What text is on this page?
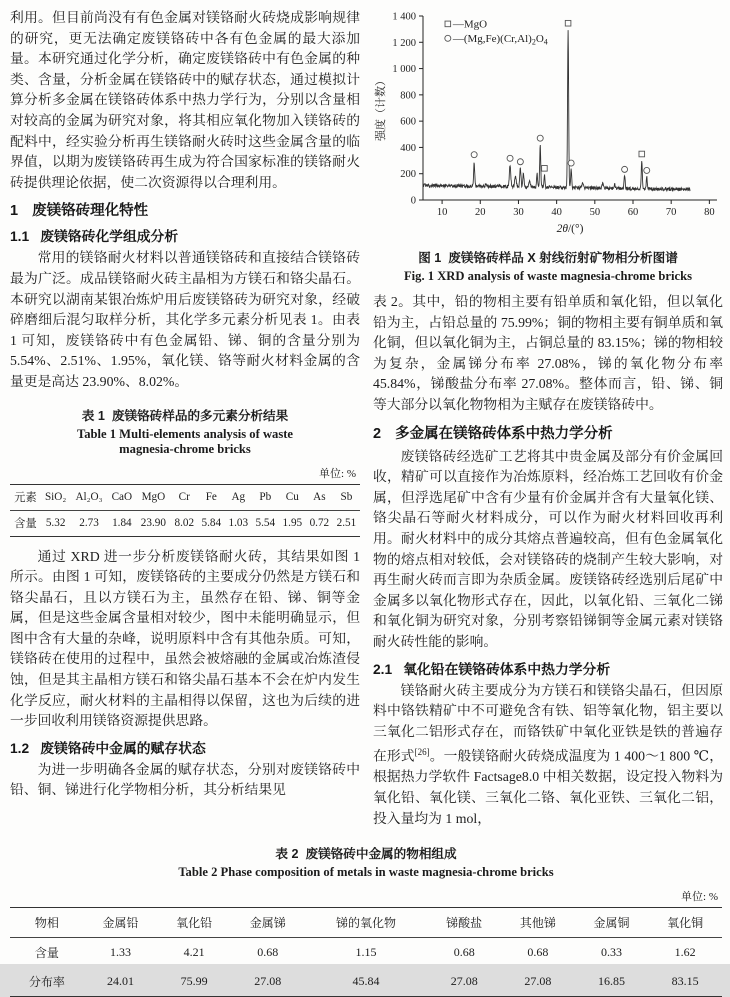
利用。但目前尚没有有色金属对镁铬耐火砖烧成影响规律的研究，更无法确定废镁铬砖中各有色金属的最大添加量。本研究通过化学分析，确定废镁铬砖中有色金属的种类、含量，分析金属在镁铬砖中的赋存状态，通过模拟计算分析多金属在镁铬砖体系中热力学行为，分别以含量相对较高的金属为研究对象，将其相应氧化物加入镁铬砖的配料中，经实验分析再生镁铬耐火砖时这些金属含量的临界值，以期为废镁铬砖再生成为符合国家标准的镁铬耐火砖提供理论依据，使二次资源得以合理利用。

1 废镁铬砖理化特性
1.1 废镁铬砖化学组成分析

常用的镁铬耐火材料以普通镁铬砖和直接结合镁铬砖最为广泛。成品镁铬耐火砖主晶相为方镁石和铬尖晶石。本研究以湖南某银冶炼炉用后废镁铬砖为研究对象，经破碎磨细后混匀取样分析，其化学多元素分析见表 1。由表 1 可知，废镁铬砖中有色金属铅、锑、铜的含量分别为 5.54%、2.51%、1.95%，氧化镁、铬等耐火材料金属的含量更是高达 23.90%、8.02%。

表 1 废镁铬砖样品的多元素分析结果
Table 1 Multi-elements analysis of waste magnesia-chrome bricks
单位: %
元素	SiO₂	Al₂O₃	CaO	MgO	Cr	Fe	Ag	Pb	Cu	As	Sb
含量	5.32	2.73	1.84	23.90	8.02	5.84	1.03	5.54	1.95	0.72	2.51

通过 XRD 进一步分析废镁铬耐火砖，其结果如图 1 所示。由图 1 可知，废镁铬砖的主要成分仍然是方镁石和铬尖晶石，且以方镁石为主，虽然存在铅、锑、铜等金属，但是这些金属含量相对较少，图中未能明确显示，但图中含有大量的杂峰，说明原料中含有其他杂质。可知，镁铬砖在使用的过程中，虽然会被熔融的金属或冶炼渣侵蚀，但是其主晶相方镁石和铬尖晶石基本不会在炉内发生化学反应，耐火材料的主晶相得以保留，这也为后续的进一步回收利用镁铬资源提供思路。

1.2 废镁铬砖中金属的赋存状态

为进一步明确各金属的赋存状态，分别对废镁铬砖中铅、铜、锑进行化学物相分析，其分析结果见

0
200
400
600
800
1 000
1 200
1 400
10	20	30	40	50	60	70	80
强度（计数）
2θ/(°)
—MgO
$—(Mg,Fe)(Cr,Al)_2O_4$
图 1 废镁铬砖样品 X 射线衍射矿物相分析图谱
Fig. 1 XRD analysis of waste magnesia-chrome bricks

表 2。其中，铅的物相主要有铅单质和氧化铅，但以氧化铅为主，占铅总量的 75.99%；铜的物相主要有铜单质和氧化铜，但以氧化铜为主，占铜总量的 83.15%；锑的物相较为复杂，金属锑分布率 27.08%，锑的氧化物分布率 45.84%，锑酸盐分布率 27.08%。整体而言，铅、锑、铜等大部分以氧化物物相为主赋存在废镁铬砖中。

2 多金属在镁铬砖体系中热力学分析

废镁铬砖经选矿工艺将其中贵金属及部分有价金属回收，精矿可以直接作为冶炼原料，经冶炼工艺回收有价金属，但浮选尾矿中含有少量有价金属并含有大量氧化镁、铬尖晶石等耐火材料成分，可以作为耐火材料回收再利用。耐火材料中的成分其熔点普遍较高，但有色金属氧化物的熔点相对较低，会对镁铬砖的烧制产生较大影响，对再生耐火砖而言即为杂质金属。废镁铬砖经选别后尾矿中金属多以氧化物形式存在，因此，以氧化铅、三氧化二锑和氧化铜为研究对象，分别考察铅锑铜等金属元素对镁铬耐火砖性能的影响。

2.1 氧化铅在镁铬砖体系中热力学分析

镁铬耐火砖主要成分为方镁石和镁铬尖晶石，但因原料中铬铁精矿中不可避免含有铁、铝等氧化物，铝主要以三氧化二铝形式存在，而铬铁矿中氧化亚铁是铁的普遍存在形式[26]。一般镁铬耐火砖烧成温度为 1 400～1 800 ℃，根据热力学软件 Factsage8.0 中相关数据，设定投入物料为氧化铅、氧化镁、三氧化二铬、氧化亚铁、三氧化二铝，投入量均为 1 mol，

表 2 废镁铬砖中金属的物相组成
Table 2 Phase composition of metals in waste magnesia-chrome bricks
单位: %
物相	金属铅	氧化铅	金属锑	锑的氧化物	锑酸盐	其他锑	金属铜	氧化铜
含量	1.33	4.21	0.68	1.15	0.68	0.68	0.33	1.62
分布率	24.01	75.99	27.08	45.84	27.08	27.08	16.85	83.15
